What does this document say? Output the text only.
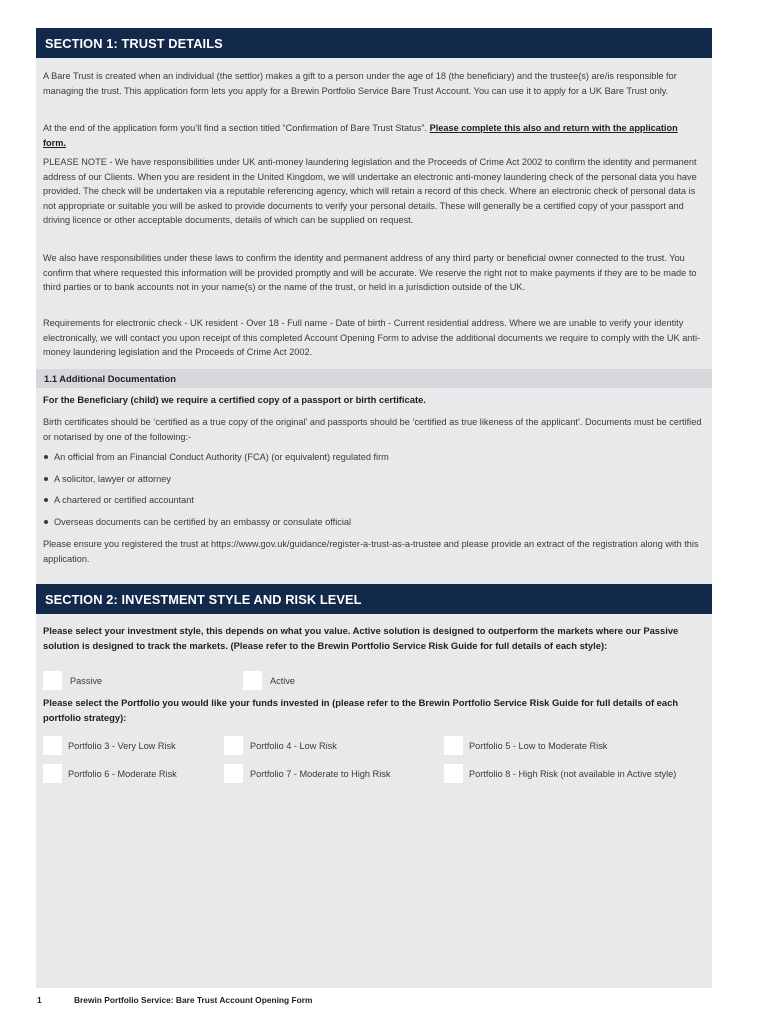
SECTION 1: TRUST DETAILS
A Bare Trust is created when an individual (the settlor) makes a gift to a person under the age of 18 (the beneficiary) and the trustee(s) are/is responsible for managing the trust. This application form lets you apply for a Brewin Portfolio Service Bare Trust Account. You can use it to apply for a UK Bare Trust only.
At the end of the application form you’ll find a section titled “Confirmation of Bare Trust Status”. Please complete this also and return with the application form.
PLEASE NOTE - We have responsibilities under UK anti-money laundering legislation and the Proceeds of Crime Act 2002 to confirm the identity and permanent address of our Clients. When you are resident in the United Kingdom, we will undertake an electronic anti-money laundering check of the personal data you have provided. The check will be undertaken via a reputable referencing agency, which will retain a record of this check. Where an electronic check of personal data is not appropriate or suitable you will be asked to provide documents to verify your personal details. These will generally be a certified copy of your passport and driving licence or other acceptable documents, details of which can be supplied on request.
We also have responsibilities under these laws to confirm the identity and permanent address of any third party or beneficial owner connected to the trust. You confirm that where requested this information will be provided promptly and will be accurate. We reserve the right not to make payments if they are to be made to third parties or to bank accounts not in your name(s) or the name of the trust, or held in a jurisdiction outside of the UK.
Requirements for electronic check - UK resident - Over 18 - Full name - Date of birth - Current residential address. Where we are unable to verify your identity electronically, we will contact you upon receipt of this completed Account Opening Form to advise the additional documents we require to comply with the UK anti-money laundering legislation and the Proceeds of Crime Act 2002.
1.1 Additional Documentation
For the Beneficiary (child) we require a certified copy of a passport or birth certificate.
Birth certificates should be ‘certified as a true copy of the original’ and passports should be ‘certified as true likeness of the applicant’. Documents must be certified or notarised by one of the following:-
An official from an Financial Conduct Authority (FCA) (or equivalent) regulated firm
A solicitor, lawyer or attorney
A chartered or certified accountant
Overseas documents can be certified by an embassy or consulate official
Please ensure you registered the trust at https://www.gov.uk/guidance/register-a-trust-as-a-trustee and please provide an extract of the registration along with this application.
SECTION 2: INVESTMENT STYLE AND RISK LEVEL
Please select your investment style, this depends on what you value. Active solution is designed to outperform the markets where our Passive solution is designed to track the markets. (Please refer to the Brewin Portfolio Service Risk Guide for full details of each style):
Passive	Active
Please select the Portfolio you would like your funds invested in (please refer to the Brewin Portfolio Service Risk Guide for full details of each portfolio strategy):
Portfolio 3 - Very Low Risk	Portfolio 4 - Low Risk	Portfolio 5 - Low to Moderate Risk
Portfolio 6 - Moderate Risk	Portfolio 7 - Moderate to High Risk	Portfolio 8 - High Risk (not available in Active style)
1	Brewin Portfolio Service: Bare Trust Account Opening Form
